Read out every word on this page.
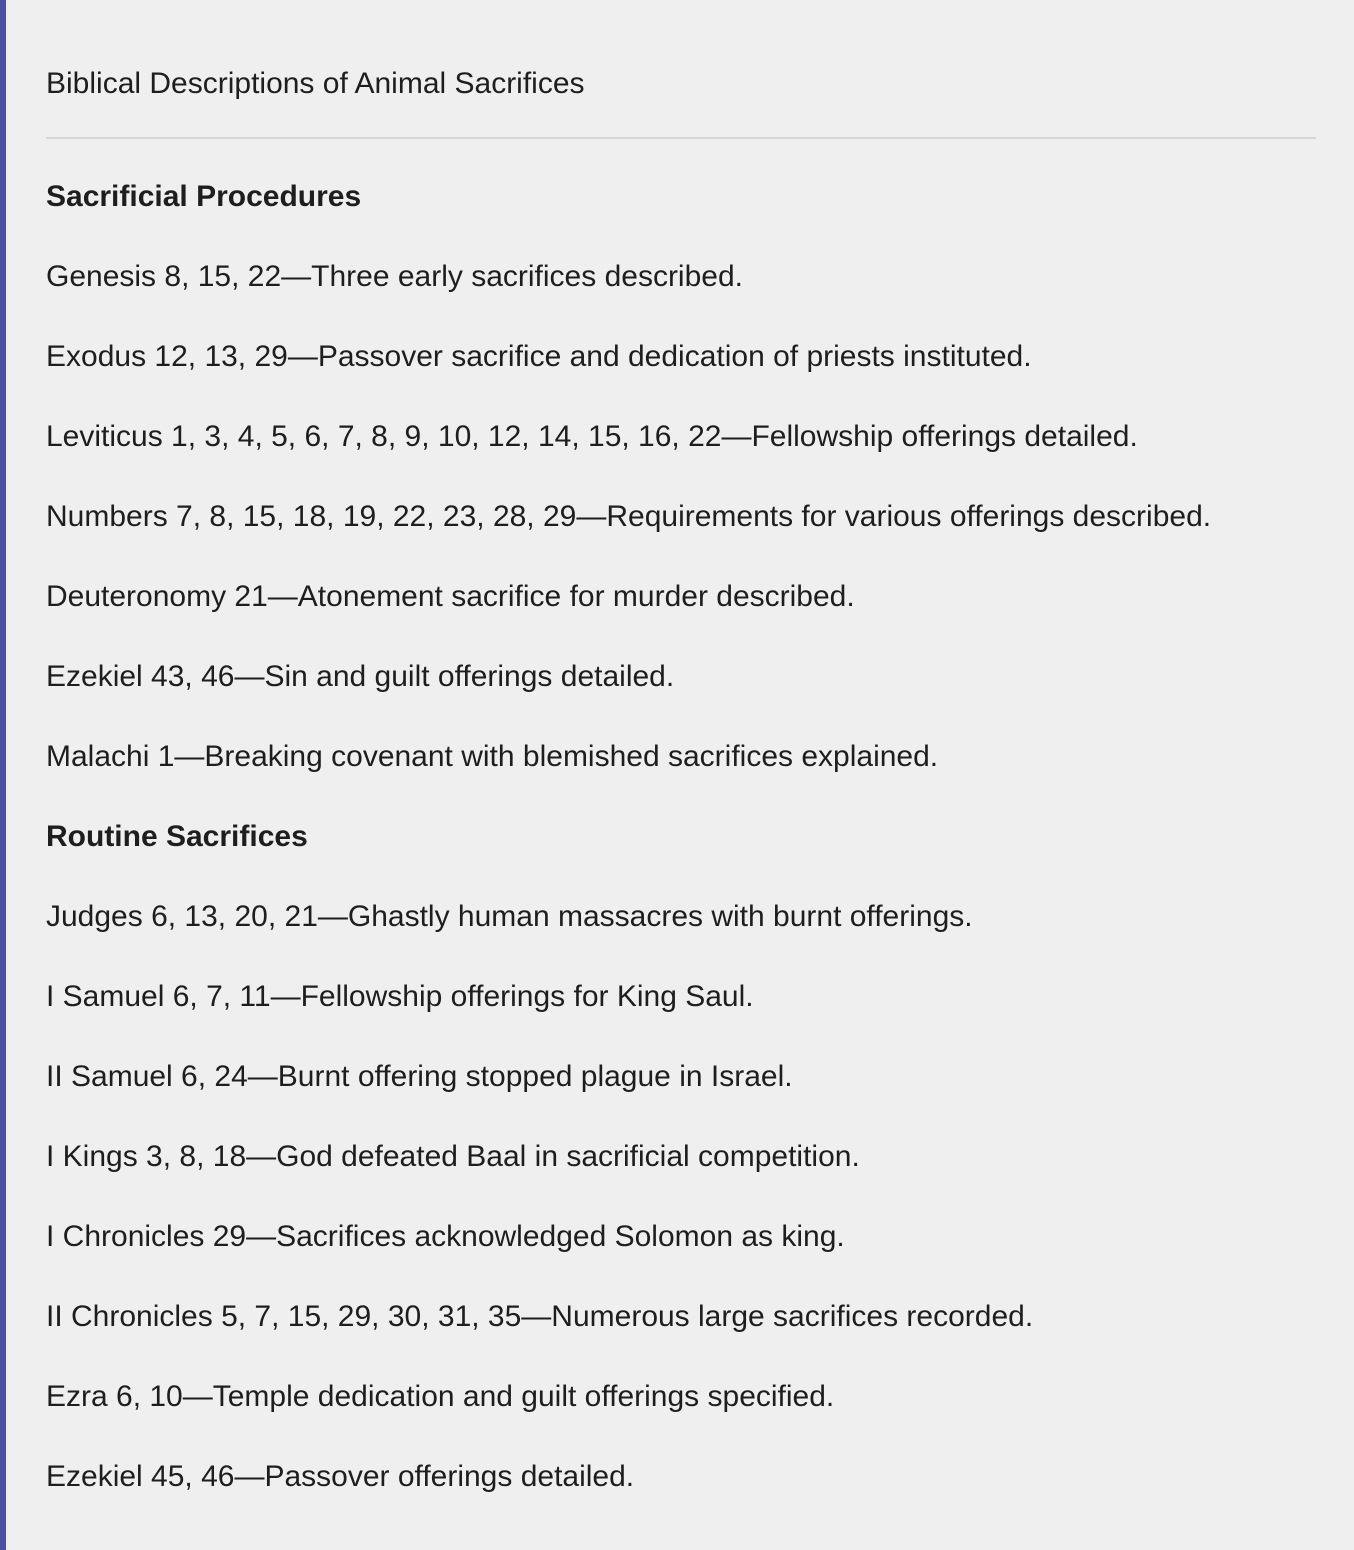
Biblical Descriptions of Animal Sacrifices
Sacrificial Procedures

Genesis 8, 15, 22—Three early sacrifices described.

Exodus 12, 13, 29—Passover sacrifice and dedication of priests instituted.

Leviticus 1, 3, 4, 5, 6, 7, 8, 9, 10, 12, 14, 15, 16, 22—Fellowship offerings detailed.

Numbers 7, 8, 15, 18, 19, 22, 23, 28, 29—Requirements for various offerings described.

Deuteronomy 21—Atonement sacrifice for murder described.

Ezekiel 43, 46—Sin and guilt offerings detailed.

Malachi 1—Breaking covenant with blemished sacrifices explained.

Routine Sacrifices

Judges 6, 13, 20, 21—Ghastly human massacres with burnt offerings.

I Samuel 6, 7, 11—Fellowship offerings for King Saul.

II Samuel 6, 24—Burnt offering stopped plague in Israel.

I Kings 3, 8, 18—God defeated Baal in sacrificial competition.

I Chronicles 29—Sacrifices acknowledged Solomon as king.

II Chronicles 5, 7, 15, 29, 30, 31, 35—Numerous large sacrifices recorded.

Ezra 6, 10—Temple dedication and guilt offerings specified.

Ezekiel 45, 46—Passover offerings detailed.
